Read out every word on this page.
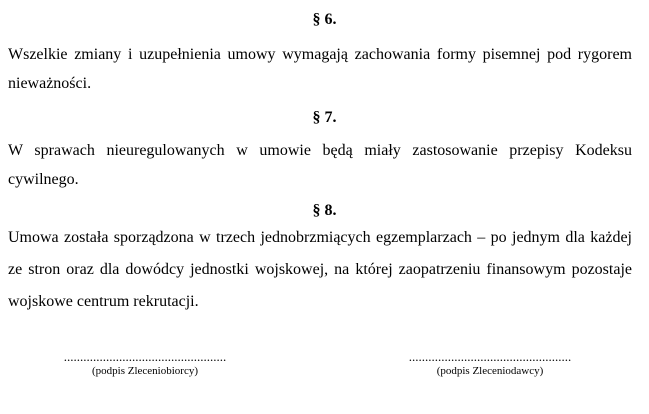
§ 6.

Wszelkie zmiany i uzupełnienia umowy wymagają zachowania formy pisemnej pod rygorem nieważności.

§ 7.

W sprawach nieuregulowanych w umowie będą miały zastosowanie przepisy Kodeksu cywilnego.

§ 8.

Umowa została sporządzona w trzech jednobrzmiących egzemplarzach – po jednym dla każdej ze stron oraz dla dowódcy jednostki wojskowej, na której zaopatrzeniu finansowym pozostaje wojskowe centrum rekrutacji.

..................................................
(podpis Zleceniobiorcy)
..................................................
(podpis Zleceniodawcy)
